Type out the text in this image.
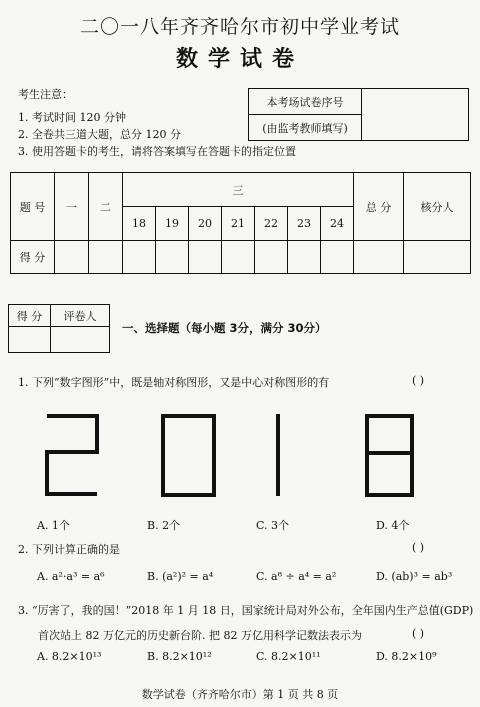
二〇一八年齐齐哈尔市初中学业考试
数学试卷
考生注意：
1. 考试时间 120 分钟
2. 全卷共三道大题，总分 120 分
3. 使用答题卡的考生，请将答案填写在答题卡的指定位置
本考场试卷序号	
(由监考教师填写)
题 号	一	二	三							总 分	核分人
			18	19	20	21	22	23	24		
得 分											
得 分	评卷人

一、选择题（每小题 3分，满分 30分）
1. 下列“数字图形”中，既是轴对称图形，又是中心对称图形的有	( )
A. 1个	B. 2个	C. 3个	D. 4个
2. 下列计算正确的是	( )
A. a²·a³ = a⁶	B. (a²)² = a⁴	C. a⁸ ÷ a⁴ = a²	D. (ab)³ = ab³
3. “厉害了，我的国！”2018 年 1 月 18 日，国家统计局对外公布，全年国内生产总值(GDP)
首次站上 82 万亿元的历史新台阶. 把 82 万亿用科学记数法表示为	( )
A. 8.2×10¹³	B. 8.2×10¹²	C. 8.2×10¹¹	D. 8.2×10⁹
数学试卷（齐齐哈尔市）第 1 页 共 8 页
